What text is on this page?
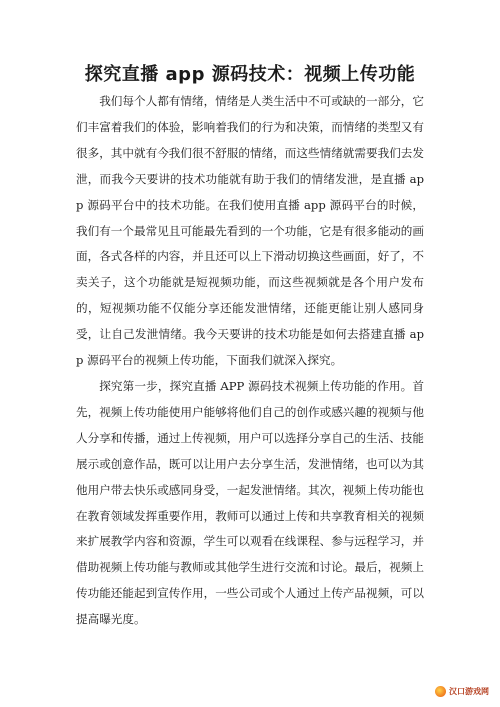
探究直播 app 源码技术：视频上传功能

我们每个人都有情绪，情绪是人类生活中不可或缺的一部分，它们丰富着我们的体验，影响着我们的行为和决策，而情绪的类型又有很多，其中就有今我们很不舒服的情绪，而这些情绪就需要我们去发泄，而我今天要讲的技术功能就有助于我们的情绪发泄，是直播 app 源码平台中的技术功能。在我们使用直播 app 源码平台的时候，我们有一个最常见且可能最先看到的一个功能，它是有很多能动的画面，各式各样的内容，并且还可以上下滑动切换这些画面，好了，不卖关子，这个功能就是短视频功能，而这些视频就是各个用户发布的，短视频功能不仅能分享还能发泄情绪，还能更能让别人感同身受，让自己发泄情绪。我今天要讲的技术功能是如何去搭建直播 app 源码平台的视频上传功能，下面我们就深入探究。

探究第一步，探究直播 APP 源码技术视频上传功能的作用。首先，视频上传功能使用户能够将他们自己的创作或感兴趣的视频与他人分享和传播，通过上传视频，用户可以选择分享自己的生活、技能展示或创意作品，既可以让用户去分享生活，发泄情绪，也可以为其他用户带去快乐或感同身受，一起发泄情绪。其次，视频上传功能也在教育领域发挥重要作用，教师可以通过上传和共享教育相关的视频来扩展教学内容和资源，学生可以观看在线课程、参与远程学习，并借助视频上传功能与教师或其他学生进行交流和讨论。最后，视频上传功能还能起到宣传作用，一些公司或个人通过上传产品视频，可以提高曝光度。

汉口游戏网
